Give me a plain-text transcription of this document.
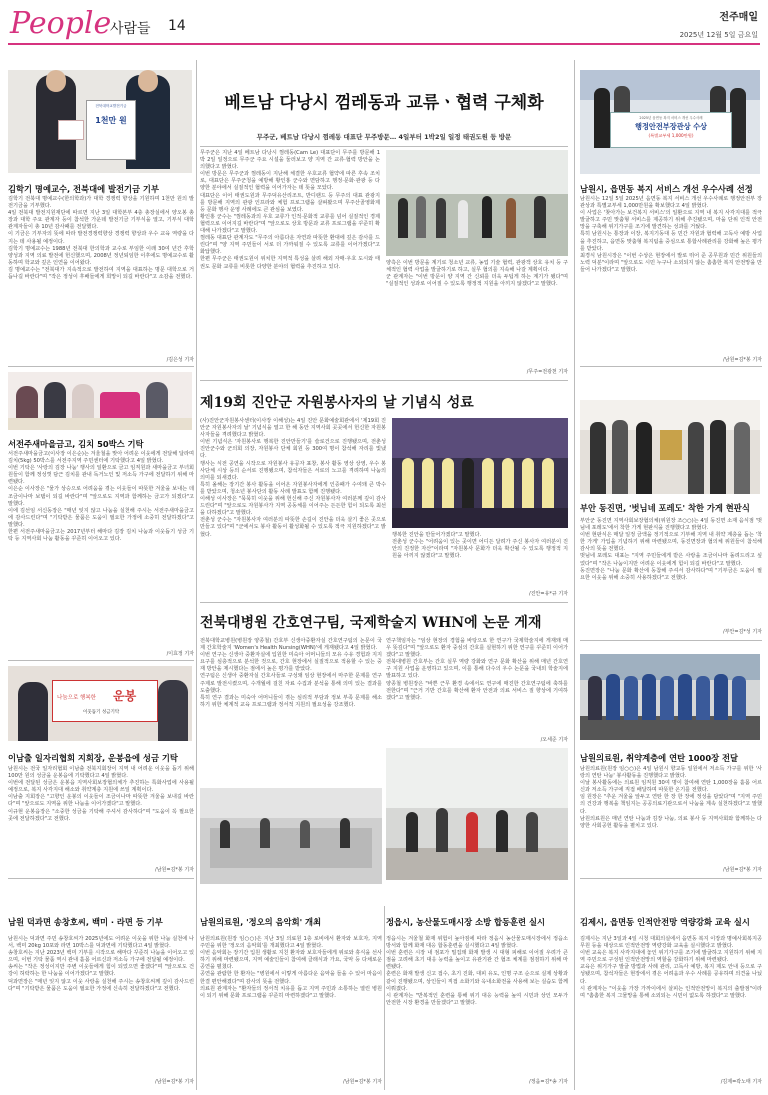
People
사람들 14
전주매일
2025년 12월 5일 금요일
전북대학교발전기금
1천만 원
김학기 명예교수, 전북대에 발전기금 기부
김학기 전북대 명예교수(한의학과)가 대학 경쟁력 향상을 기원하며 1천만 원의 발전기금을 기부했다.
4일 전북대 발전지원재단에 따르면 지난 3일 대학본부 4층 총장실에서 양오봉 총장과 대학 주요 관계자 등이 참석한 가운데 발전기금 기부식을 열고, 기부식 대학 관계자들이 총 10년 감사패를 전달했다.
이 기금은 기부자의 뜻에 따라 발전경쟁력향상 경쟁력 향상과 우수 교육 역량을 다지는 데 사용될 예정이다.
김학기 명예교수는 1988년 전북대 한의학과 교수로 부임한 이래 30여 년간 후학 양성과 지역 의료 발전에 헌신했으며, 2008년 정년퇴임한 이후에도 명예교수로 활동하며 학교와 깊은 인연을 이어왔다.
김 명예교수는 "전북대가 지속적으로 발전하여 지역을 대표하는 명문 대학으로 거듭나길 바란다"며 "작은 정성이 후배들에게 희망이 되길 바란다"고 소감을 전했다.
/김은성 기자
서전주새마을금고, 김치 50박스 기탁
서전주새마을금고(이사장 이은순)는 겨울철을 맞아 어려운 이웃에게 전달해 달라며 김치(5kg) 50박스를 서전주지역 주민센터에 기탁했다고 4일 밝혔다.
이번 기탁은 '사랑의 김장 나눔' 행사의 일환으로 금고 임직원과 새마을금고 부녀회원들이 함께 정성껏 담근 김치를 관내 독거노인 및 저소득 가구에 전달하기 위해 마련됐다.
이은순 이사장은 "물가 상승으로 어려움을 겪는 이웃들이 따뜻한 겨울을 보내는 데 조금이나마 보탬이 되길 바란다"며 "앞으로도 지역과 함께하는 금고가 되겠다"고 말했다.
이에 김선임 서신동장은 "매년 잊지 않고 나눔을 실천해 주시는 서전주새마을금고에 감사드린다"며 "기탁받은 물품은 도움이 필요한 가정에 소중히 전달하겠다"고 말했다.
한편 서전주새마을금고는 2017년부터 해마다 김장 김치 나눔과 이웃돕기 성금 기탁 등 지역사회 나눔 활동을 꾸준히 이어오고 있다.
/이효정 기자
나눔으로 행복한 운봉
이웃돕기 성금기탁
이남출 일자리협회 지회장, 운봉읍에 성금 기탁
남원시는 전국 일자리협회 이남출 전북지회장이 지역 내 어려운 이웃을 돕기 위해 100만 원의 성금을 운봉읍에 기탁했다고 4일 밝혔다.
이번에 전달된 성금은 운봉읍 지역사회보장협의체가 추진하는 특화사업에 사용될 예정으로, 복지 사각지대 해소와 취약계층 지원에 쓰일 계획이다.
이남출 지회장은 "고향인 운봉의 이웃들이 조금이나마 따뜻한 겨울을 보내길 바란다"며 "앞으로도 지역을 위한 나눔을 이어가겠다"고 말했다.
이규현 운봉읍장은 "소중한 성금을 기탁해 주셔서 감사하다"며 "도움이 꼭 필요한 곳에 전달하겠다"고 전했다.
/남원=김*봉 기자
남원 덕과면 송창호씨, 백미 · 라면 등 기부
남원시는 덕과면 주민 송창호씨가 2025년에도 어려운 이웃을 위한 나눔 실천에 나서, 백미 20kg 10포와 라면 10박스를 덕과면에 기탁했다고 4일 밝혔다.
송창호씨는 지난 2023년 백미 기부를 시작으로 해마다 꾸준히 나눔을 이어오고 있으며, 이번 기탁 물품 역시 관내 홀몸 어르신과 저소득 가구에 전달될 예정이다.
송씨는 "작은 정성이지만 주변 이웃들에게 힘이 되었으면 좋겠다"며 "앞으로도 건강이 허락하는 한 나눔을 이어가겠다"고 말했다.
덕과면장은 "매년 잊지 않고 이웃 사랑을 실천해 주시는 송창호씨께 깊이 감사드린다"며 "기탁받은 물품은 도움이 필요한 가정에 신속히 전달하겠다"고 전했다.
/남원=김*봉 기자
베트남 다낭시 껌레동과 교류ㆍ협력 구체화
무주군, 베트남 다낭시 껌레동 대표단 무주방문… 4일부터 1박2일 일정 태권도원 등 방문
무주군은 지난 4일 베트남 다낭시 껌레동(Cam Le) 대표단이 무주를 방문해 1박 2일 일정으로 무주군 주요 시설을 둘러보고 양 지역 간 교류·협력 방안을 논의했다고 밝혔다.
이번 방문은 무주군과 껌레동이 지난해 체결한 우호교류 협약에 따른 후속 조치로, 대표단은 무주군청을 예방해 황인홍 군수와 면담하고 행정·문화·관광 등 다양한 분야에서 실질적인 협력을 이어가자는 데 뜻을 모았다.
대표단은 이어 태권도원과 무주덕유산리조트, 반디랜드 등 무주의 대표 관광지를 방문해 지역의 관광 인프라와 체험 프로그램을 살펴봤으며 무주산골영화제 등 문화 행사 운영 사례에도 큰 관심을 보였다.
황인홍 군수는 "껌레동과의 우호 교류가 인적·문화적 교류를 넘어 실질적인 경제 협력으로 이어지길 바란다"며 "앞으로도 상호 방문과 교류 프로그램을 꾸준히 확대해 나가겠다"고 말했다.
껌레동 대표단 관계자도 "무주의 아름다운 자연과 따뜻한 환대에 깊은 감사를 드린다"며 "양 지역 주민들이 서로 더 가까워질 수 있도록 교류를 이어가겠다"고 화답했다.
한편 무주군은 태권도원이 위치한 지역적 특성을 살려 해외 자매·우호 도시와 태권도 문화 교류를 비롯한 다양한 분야의 협력을 추진하고 있다.
양측은 이번 방문을 계기로 청소년 교류, 농업 기술 협력, 관광객 상호 유치 등 구체적인 협력 사업을 발굴하기로 하고, 실무 협의를 지속해 나갈 계획이다.
군 관계자는 "이번 방문이 양 지역 간 신뢰를 더욱 두텁게 하는 계기가 됐다"며 "실질적인 성과로 이어질 수 있도록 행정적 지원을 아끼지 않겠다"고 말했다.
/무주=전광천 기자
제19회 진안군 자원봉사자의 날 기념식 성료
(사)진안군자원봉사센터(이사장 이해성)는 4일 진안 문화예술회관에서 '제19회 진안군 자원봉사자의 날' 기념식을 열고 한 해 동안 지역사회 곳곳에서 헌신한 자원봉사자들을 격려했다고 밝혔다.
이번 기념식은 '자원봉사로 행복한 진안만들기'를 슬로건으로 진행됐으며, 전춘성 진안군수와 군의회 의장, 자원봉사 단체 회원 등 300여 명이 참석해 자리를 빛냈다.
행사는 식전 공연을 시작으로 자원봉사 유공자 표창, 봉사 활동 영상 상영, 우수 봉사단체 시상 등의 순서로 진행됐으며, 참석자들은 서로의 노고를 격려하며 나눔의 의미를 되새겼다.
특히 올해는 장기간 봉사 활동을 이어온 자원봉사자에게 인증패가 수여돼 큰 박수를 받았으며, 청소년 봉사단의 활동 사례 발표도 함께 진행됐다.
이해성 이사장은 "묵묵히 이웃을 위해 헌신해 주신 자원봉사자 여러분께 깊이 감사드린다"며 "앞으로도 자원봉사가 지역 공동체를 이어주는 든든한 힘이 되도록 최선을 다하겠다"고 말했다.
전춘성 군수는 "자원봉사자 여러분의 따뜻한 손길이 진안을 더욱 살기 좋은 곳으로 만들고 있다"며 "군에서도 봉사 활동이 활성화될 수 있도록 적극 지원하겠다"고 밝혔다.	행복한 진안을 만들어가겠다"고 말했다.
전춘성 군수는 "어려움이 있는 곳이면 어디든 달려가 주신 봉사자 여러분이 진안의 진정한 자산"이라며 "자원봉사 문화가 더욱 확산될 수 있도록 행정적 지원을 아끼지 않겠다"고 말했다.
/진안=유*규 기자
전북대병원 간호연구팀, 국제학술지 WHN에 논문 게재
전북대학교병원(병원장 양종철) 간호부 신생아중환자실 간호연구팀의 논문이 국제 간호학술지 'Women's Health Nursing(WHN)'에 게재됐다고 4일 밝혔다.
이번 연구는 신생아 중환자실에 입원한 미숙아 어머니들의 모유 수유 경험과 지지 요구를 심층적으로 분석한 것으로, 간호 현장에서 실질적으로 적용할 수 있는 중재 방안을 제시했다는 점에서 높은 평가를 받았다.
연구팀은 신생아 중환자실 간호사들로 구성돼 임상 현장에서 마주한 문제를 연구 주제로 발전시켰으며, 수개월에 걸친 자료 수집과 분석을 통해 의미 있는 결과를 도출했다.
특히 연구 결과는 미숙아 어머니들이 겪는 심리적 부담과 정보 부족 문제를 해소하기 위한 체계적 교육 프로그램과 정서적 지원의 필요성을 강조했다.
연구책임자는 "임상 현장의 경험을 바탕으로 한 연구가 국제학술지에 게재돼 매우 뜻깊다"며 "앞으로도 환자 중심의 간호를 실현하기 위한 연구를 꾸준히 이어가겠다"고 말했다.
전북대병원 간호부는 간호 실무 역량 강화와 연구 문화 확산을 위해 매년 간호연구 지원 사업을 운영하고 있으며, 이를 통해 다수의 우수 논문을 국내외 학술지에 발표하고 있다.
양종철 병원장은 "바쁜 근무 환경 속에서도 연구에 매진한 간호연구팀에 축하를 전한다"며 "근거 기반 간호를 확산해 환자 안전과 의료 서비스 질 향상에 기여하겠다"고 말했다.
/오세준 기자
남원의료원, '정오의 음악회' 개최
남원의료원(원장 임○○)은 지난 3일 의료원 1층 로비에서 환자와 보호자, 지역 주민을 위한 '정오의 음악회'를 개최했다고 4일 밝혔다.
이번 음악회는 장기간 입원 생활로 지친 환자와 보호자들에게 위로와 휴식을 선사하기 위해 마련됐으며, 지역 예술인들이 참여해 클래식과 가요, 국악 등 다채로운 공연을 펼쳤다.
공연을 관람한 한 환자는 "병원에서 이렇게 아름다운 음악을 들을 수 있어 마음이 한결 편안해졌다"며 감사의 뜻을 전했다.
의료원 관계자는 "환자들의 정서적 치유를 돕고 지역 주민과 소통하는 열린 병원이 되기 위해 문화 프로그램을 꾸준히 마련하겠다"고 말했다.
/남원=김*봉 기자
정읍시, 농산물도매시장 소방 합동훈련 실시
정읍시는 겨울철 화재 위험이 높아짐에 따라 정읍시 농산물도매시장에서 정읍소방서와 함께 화재 대응 합동훈련을 실시했다고 4일 밝혔다.
이번 훈련은 시장 내 점포가 밀집돼 화재 발생 시 대형 피해로 이어질 우려가 큰 점을 고려해 초기 대응 능력을 높이고 유관기관 간 협조 체계를 점검하기 위해 마련됐다.
훈련은 화재 발생 신고 접수, 초기 진화, 대피 유도, 인명 구조 순으로 실제 상황과 같이 진행됐으며, 상인들이 직접 소화기와 옥내소화전을 사용해 보는 실습도 함께 이뤄졌다.
시 관계자는 "반복적인 훈련을 통해 위기 대응 능력을 높여 시민과 상인 모두가 안전한 시장 환경을 만들겠다"고 말했다.
/정읍=김*송 기자
2025년 읍면동 복지 서비스 개선 우수사례
행정안전부장관상 수상
(특별교부세 1,000만원)
남원시, 읍면동 복지 서비스 개선 우수사례 선정
남원시는 12일 5일 2025년 읍면동 복지 서비스 개선 우수사례로 행정안전부 장관상과 특별교부세 1,000만원을 확보했다고 4일 밝혔다.
이 사업은 '찾아가는 보건복지 서비스'의 일환으로 지역 내 복지 사각지대를 적극 발굴하고 주민 맞춤형 서비스를 제공하기 위해 추진됐으며, 마을 단위 인적 안전망을 구축해 위기가구를 조기에 발견하는 성과를 거뒀다.
특히 남원시는 통장과 이장, 복지기동대 등 민간 자원과 협력해 고독사 예방 사업을 추진하고, 읍면동 맞춤형 복지팀을 중심으로 통합사례관리를 강화해 높은 평가를 받았다.
최경식 남원시장은 "이번 수상은 현장에서 발로 뛰어 준 공무원과 민간 위원들의 노력 덕분"이라며 "앞으로도 시민 누구나 소외되지 않는 촘촘한 복지 안전망을 만들어 나가겠다"고 말했다.
/남원=김*봉 기자
부안 동진면, '벗님네 포레도' 착한 가게 현판식
부안군 동진면 지역사회보장협의체(위원장 조○○)는 4일 동진면 소재 음식점 '벗님네 포레도'에서 착한 가게 현판식을 진행했다고 밝혔다.
이번 현판식은 매달 일정 금액을 정기적으로 기부해 지역 내 취약 계층을 돕는 '착한 가게' 가입을 기념하기 위해 마련됐으며, 동진면장과 협의체 위원들이 참석해 감사의 뜻을 전했다.
벗님네 포레도 대표는 "지역 주민들에게 받은 사랑을 조금이나마 돌려드리고 싶었다"며 "작은 나눔이지만 어려운 이웃에게 힘이 되길 바란다"고 말했다.
동진면장은 "나눔 문화 확산에 동참해 주셔서 감사하다"며 "기부금은 도움이 필요한 이웃을 위해 소중히 사용하겠다"고 전했다.
/부안=김*성 기자
남원의료원, 취약계층에 연탄 1000장 전달
남원의료원(원장 임○○)은 4일 남원시 향교동 일원에서 저소득 가구를 위한 '사랑의 연탄 나눔' 봉사활동을 진행했다고 밝혔다.
이날 봉사활동에는 의료원 임직원 30여 명이 참여해 연탄 1,000장을 홀몸 어르신과 저소득 가구에 직접 배달하며 따뜻한 온기를 전했다.
임 원장은 "추운 겨울을 앞두고 연탄 한 장 한 장에 정성을 담았다"며 "지역 주민의 건강과 행복을 책임지는 공공의료기관으로서 나눔을 계속 실천하겠다"고 말했다.
남원의료원은 매년 연탄 나눔과 김장 나눔, 의료 봉사 등 지역사회와 함께하는 다양한 사회공헌 활동을 펼치고 있다.
/남원=김*봉 기자
김제시, 읍면동 인적안전망 역량강화 교육 실시
김제시는 지난 3일과 4일 시청 대회의실에서 읍면동 복지 이장과 명예사회복지공무원 등을 대상으로 인적안전망 역량강화 교육을 실시했다고 밝혔다.
이번 교육은 복지 사각지대에 놓인 위기가구를 조기에 발굴하고 지원하기 위해 지역 주민으로 구성된 인적안전망의 역할을 강화하기 위해 마련됐다.
교육은 위기가구 발굴 방법과 사례 관리, 고독사 예방, 복지 제도 안내 등으로 구성됐으며, 참석자들은 현장에서 겪은 어려움과 우수 사례를 공유하며 의견을 나눴다.
시 관계자는 "이웃을 가장 가까이에서 살피는 인적안전망이 복지의 출발점"이라며 "촘촘한 복지 그물망을 통해 소외되는 시민이 없도록 하겠다"고 말했다.
/김제=곽노태 기자
